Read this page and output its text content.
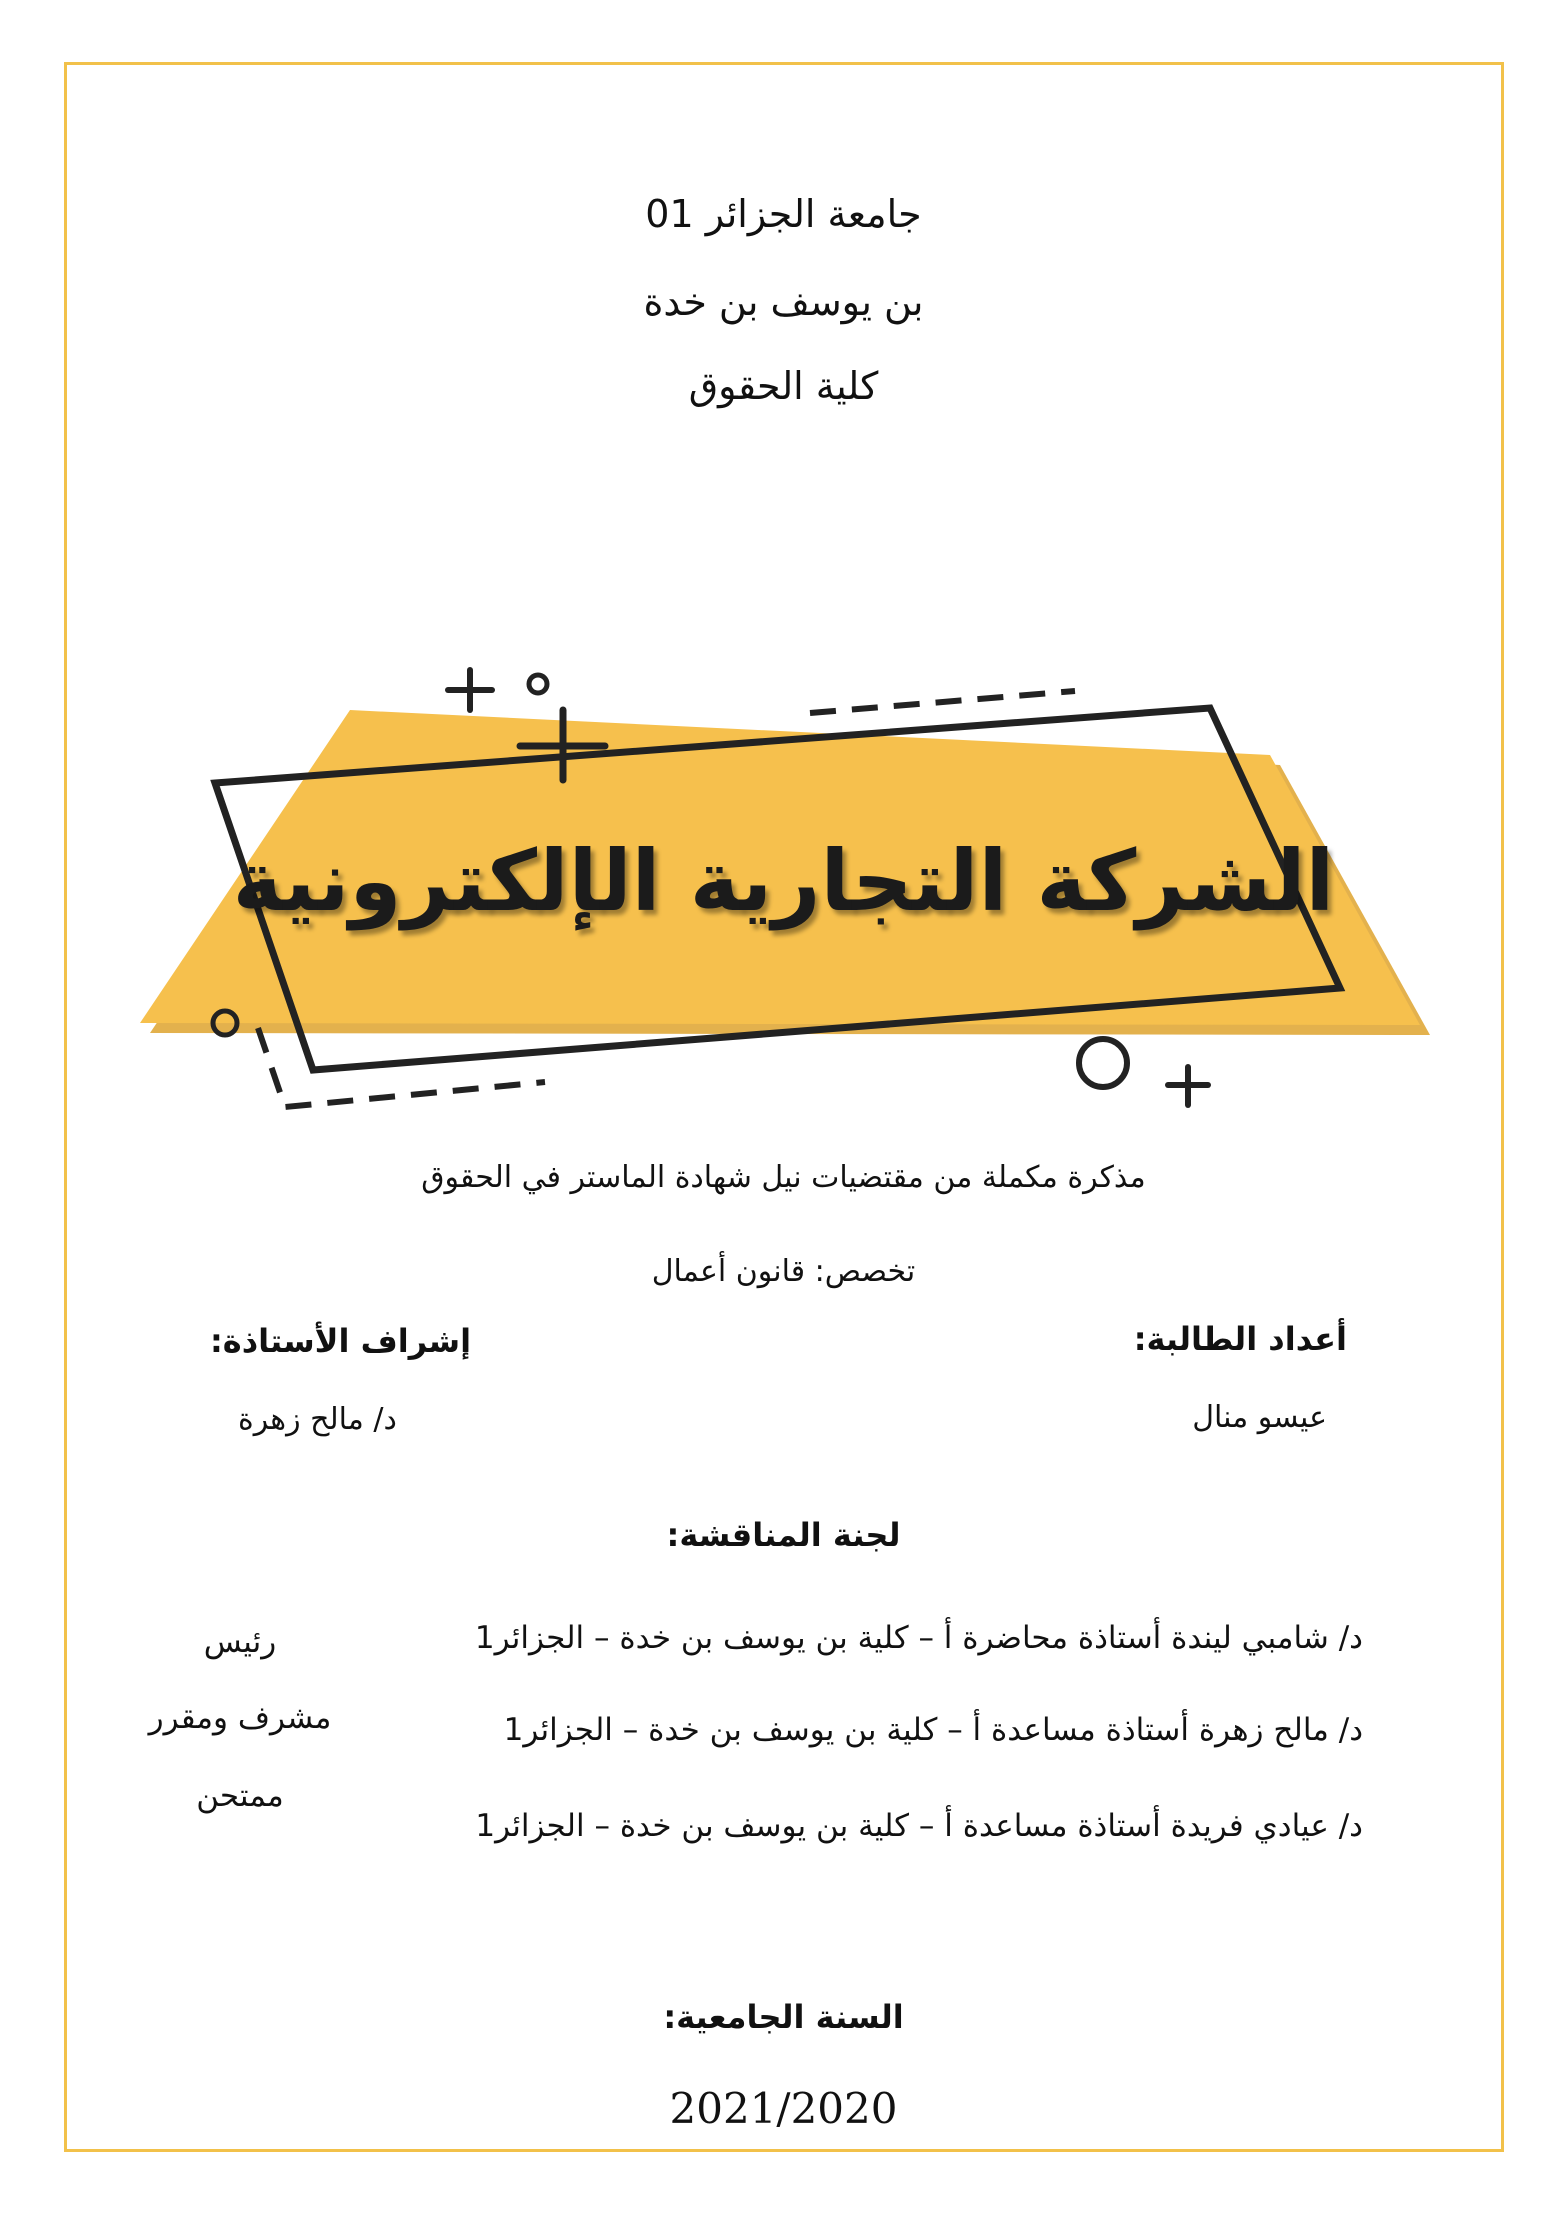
جامعة الجزائر 01
بن يوسف بن خدة
كلية الحقوق
الشركة التجارية الإلكترونية
مذكرة مكملة من مقتضيات نيل شهادة الماستر في الحقوق
تخصص: قانون أعمال
أعداد الطالبة:
عيسو منال
إشراف الأستاذة:
د/ مالح زهرة
لجنة المناقشة:
د/ شامبي ليندة أستاذة محاضرة أ – كلية بن يوسف بن خدة – الجزائر1
د/ مالح زهرة أستاذة مساعدة أ – كلية بن يوسف بن خدة – الجزائر1
د/ عيادي فريدة أستاذة مساعدة أ – كلية بن يوسف بن خدة – الجزائر1
رئيس
مشرف ومقرر
ممتحن
السنة الجامعية:
2021/2020
